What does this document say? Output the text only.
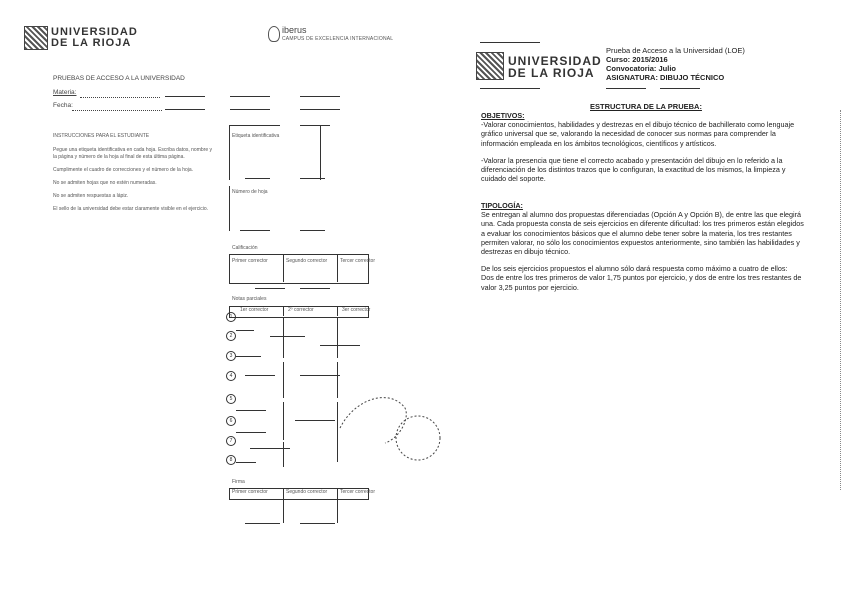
UNIVERSIDAD
DE LA RIOJA
iberus
CAMPUS DE EXCELENCIA INTERNACIONAL
PRUEBAS DE ACCESO A LA UNIVERSIDAD
Materia:
Fecha:
INSTRUCCIONES PARA EL ESTUDIANTE
Pegue una etiqueta identificativa en cada hoja. Escriba datos, nombre y la página y número de la hoja al final de esta última página.
Cumplimente el cuadro de correcciones y el número de la hoja.
No se admiten hojas que no estén numeradas.
No se admiten respuestas a lápiz.
El sello de la universidad debe estar claramente visible en el ejercicio.
Etiqueta identificativa
Número de hoja
Calificación
Primer corrector	Segundo corrector	Tercer corrector
Notas parciales
1er corrector	2º corrector	3er corrector
1
2
3
4
5
6
7
8
Firma
Primer corrector	Segundo corrector	Tercer corrector
UNIVERSIDAD
DE LA RIOJA
Prueba de Acceso a la Universidad (LOE)
Curso: 2015/2016
Convocatoria: Julio
ASIGNATURA: DIBUJO TÉCNICO
ESTRUCTURA DE LA PRUEBA:
OBJETIVOS:
-Valorar conocimientos, habilidades y destrezas en el dibujo técnico de bachillerato como lenguaje gráfico universal que se, valorando la necesidad de conocer sus normas para comprender la información empleada en los ámbitos tecnológicos, científicos y artísticos.
-Valorar la presencia que tiene el correcto acabado y presentación del dibujo en lo referido a la diferenciación de los distintos trazos que lo configuran, la exactitud de los mismos, la limpieza y cuidado del soporte.
TIPOLOGÍA:
Se entregan al alumno dos propuestas diferenciadas (Opción A y Opción B), de entre las que elegirá una. Cada propuesta consta de seis ejercicios en diferente dificultad: los tres primeros están elegidos a evaluar los conocimientos básicos que el alumno debe tener sobre la materia, los tres restantes permiten valorar, no sólo los conocimientos expuestos anteriormente, sino también las habilidades y destrezas en dibujo técnico.
De los seis ejercicios propuestos el alumno sólo dará respuesta como máximo a cuatro de ellos:
Dos de entre los tres primeros de valor 1,75 puntos por ejercicio, y dos de entre los tres restantes de valor 3,25 puntos por ejercicio.
